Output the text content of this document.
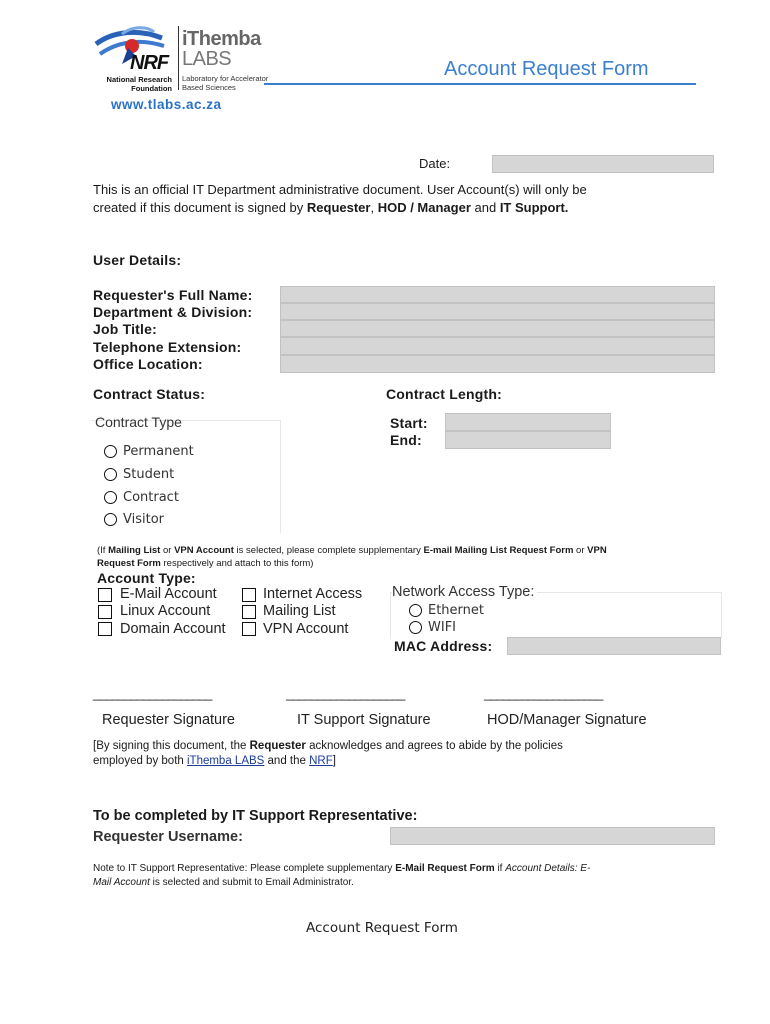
NRF
National Research
Foundation
iThemba
LABS
Laboratory for Accelerator
Based Sciences
Account Request Form
www.tlabs.ac.za
Date:
This is an official IT Department administrative document. User Account(s) will only be
created if this document is signed by Requester, HOD / Manager and IT Support.
User Details:
Requester's Full Name:
Department & Division:
Job Title:
Telephone Extension:
Office Location:
Contract Status:	Contract Length:
Contract Type
Permanent
Student
Contract
Visitor
Start:
End:
(If Mailing List or VPN Account is selected, please complete supplementary E-mail Mailing List Request Form or VPN
Request Form respectively and attach to this form)
Account Type:
E-Mail Account
Linux Account
Domain Account
Internet Access
Mailing List
VPN Account
Network Access Type:
Ethernet
WIFI
MAC Address:
___________________	___________________	___________________
Requester Signature	IT Support Signature	HOD/Manager Signature
[By signing this document, the Requester acknowledges and agrees to abide by the policies
employed by both iThemba LABS and the NRF]
To be completed by IT Support Representative:
Requester Username:
Note to IT Support Representative: Please complete supplementary E-Mail Request Form if Account Details: E-
Mail Account is selected and submit to Email Administrator.
Account Request Form
